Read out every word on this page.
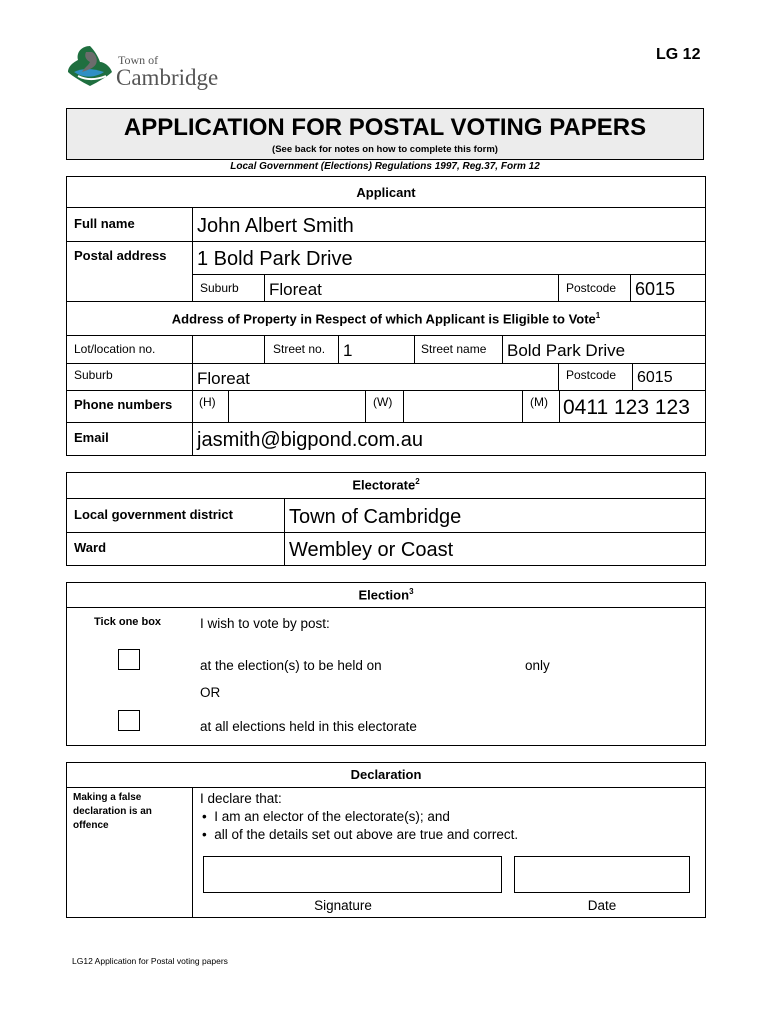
Town of
Cambridge
LG 12
APPLICATION FOR POSTAL VOTING PAPERS
(See back for notes on how to complete this form)
Local Government (Elections) Regulations 1997, Reg.37, Form 12
Applicant
Full name	John Albert Smith
Postal address 1 Bold Park Drive
Suburb Floreat	Postcode 6015
Address of Property in Respect of which Applicant is Eligible to Vote$^1$
Lot/location no.	Street no. 1	Street name Bold Park Drive
Suburb	Floreat	Postcode 6015
Phone numbers (H)	(W)	(M) 0411 123 123
Email	jasmith@bigpond.com.au
Electorate$^2$
Local government district	Town of Cambridge
Ward	Wembley or Coast
Election$^3$
Tick one box	I wish to vote by post:
at the election(s) to be held on	only
OR
at all elections held in this electorate
Declaration
Making a false declaration is an offence
I declare that:
• I am an elector of the electorate(s); and
• all of the details set out above are true and correct.
Signature	Date
LG12 Application for Postal voting papers
